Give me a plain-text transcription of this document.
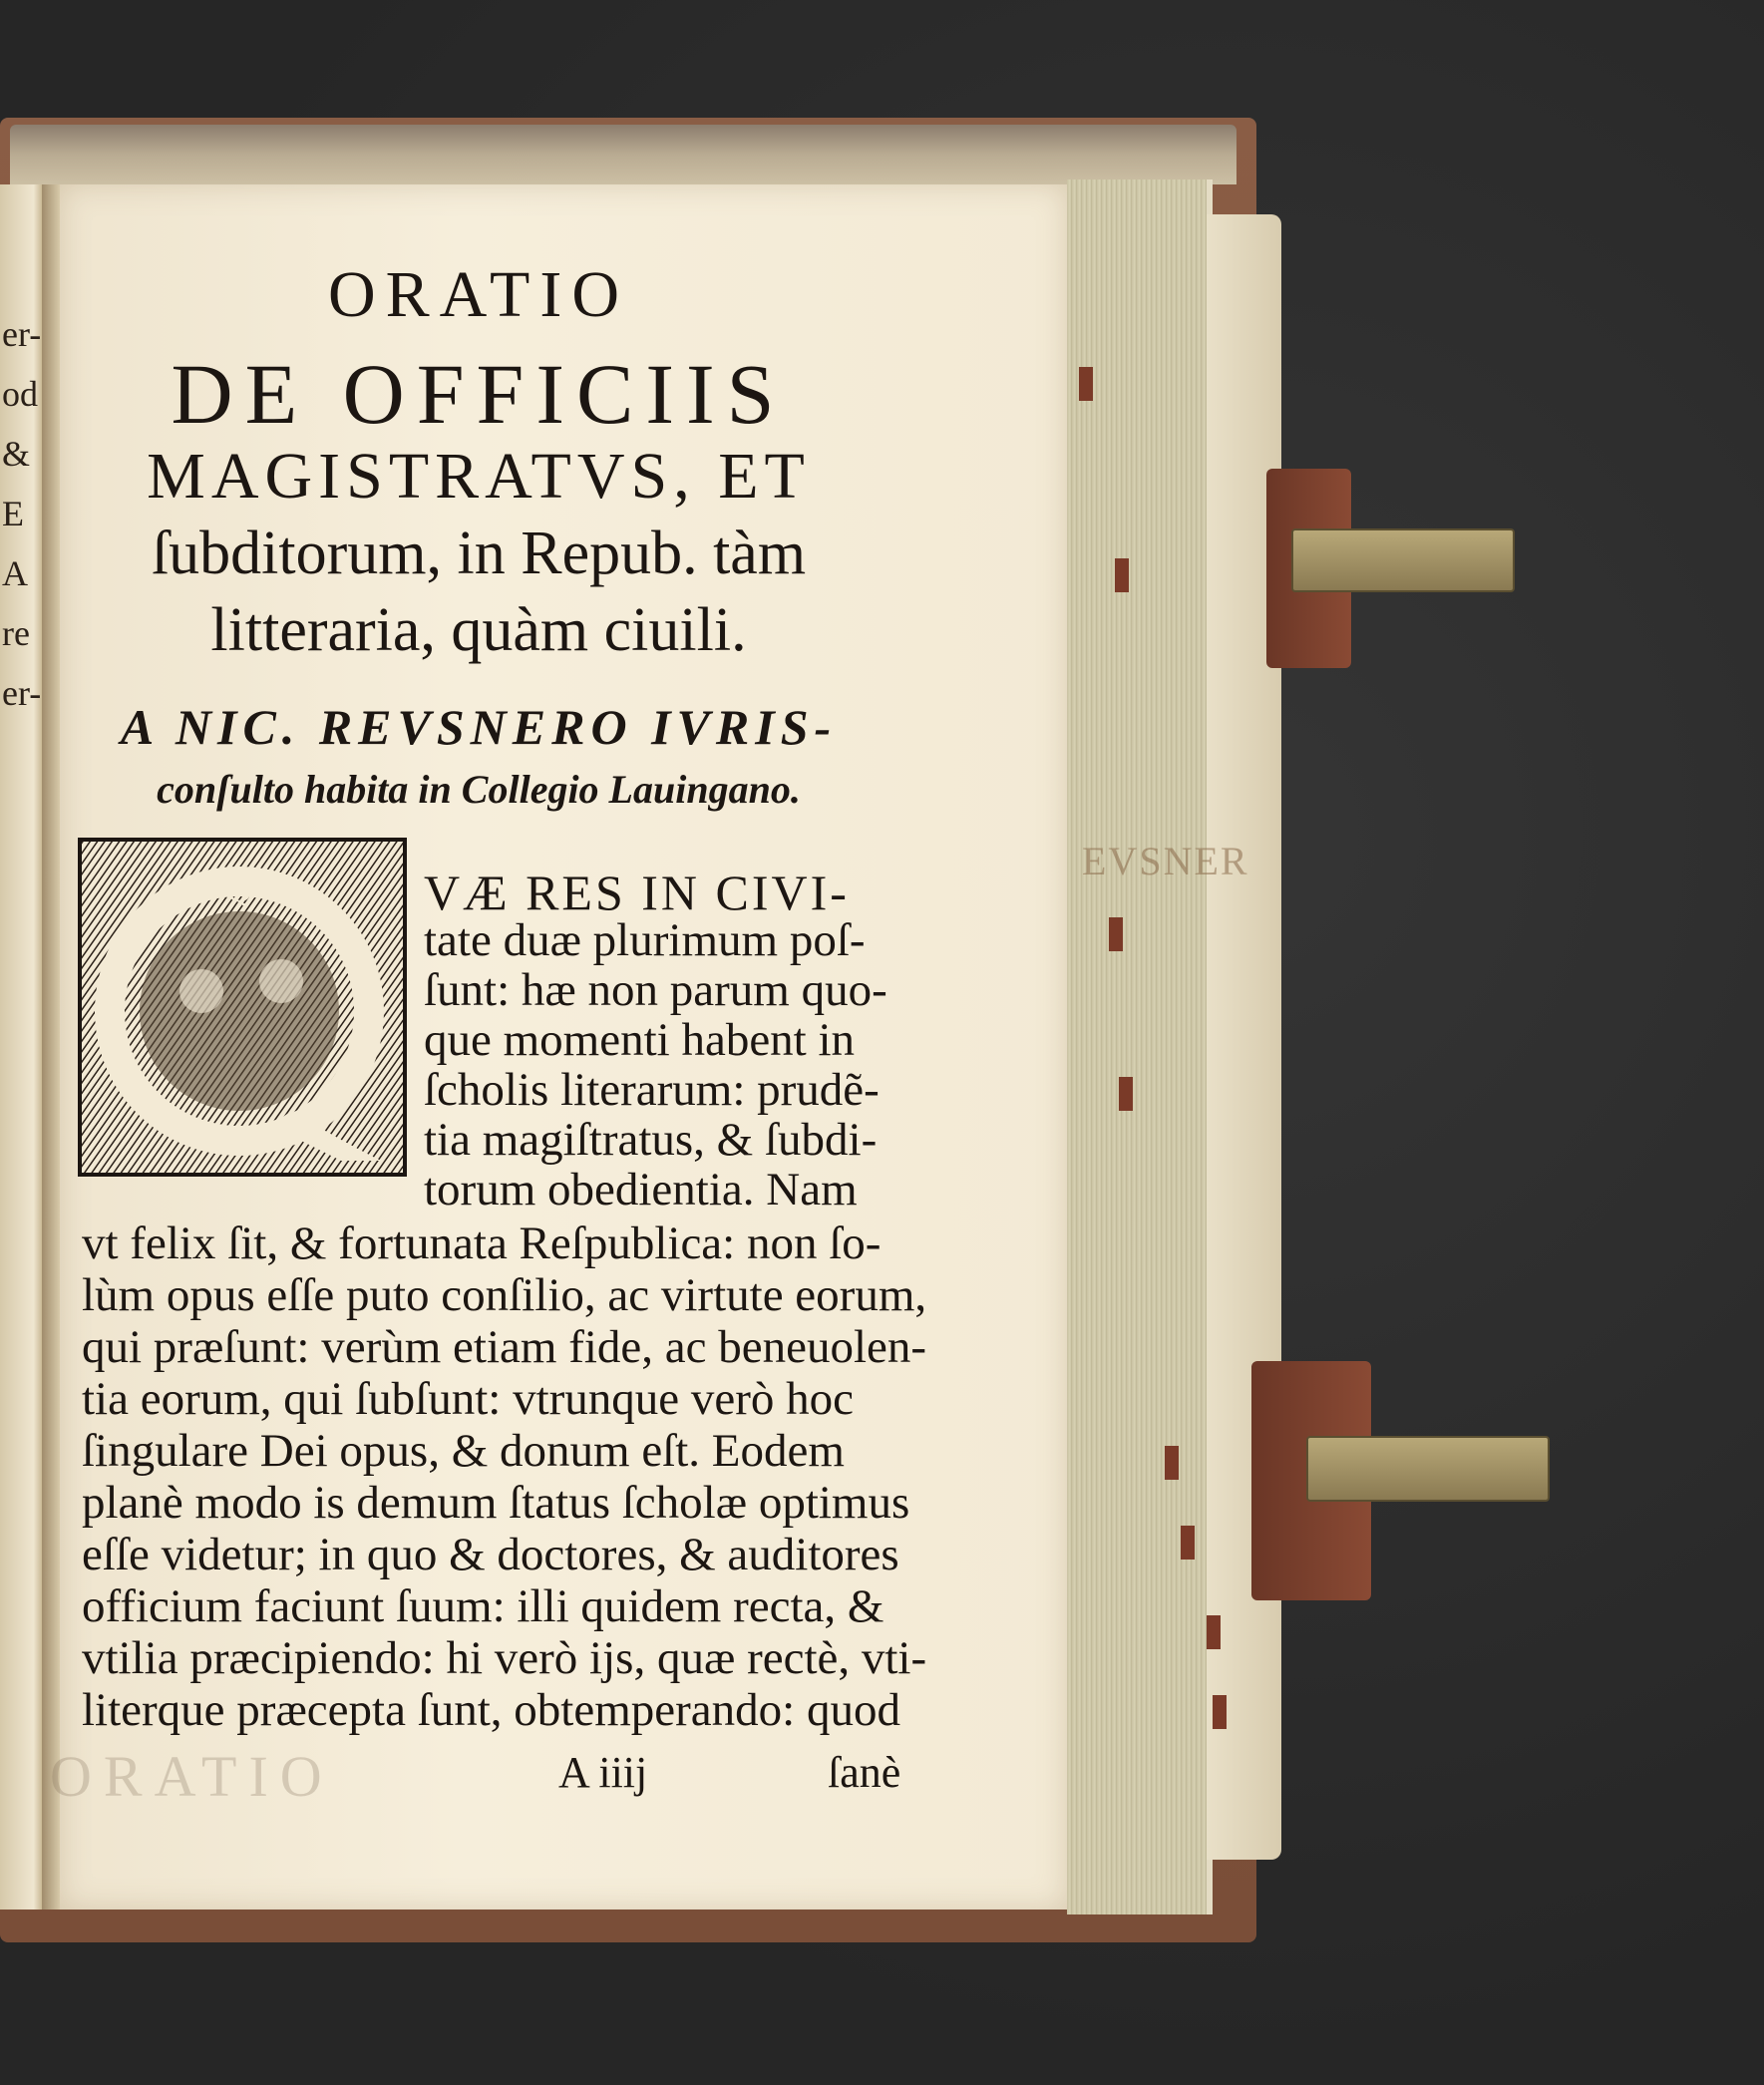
er-
od
&
E
A
re
er-
EVSNER
ORATIO
DE OFFICIIS
MAGISTRATVS, ET
ſubditorum, in Repub. tàm
litteraria, quàm ciuili.
A NIC. REVSNERO IVRIS-
conſulto habita in Collegio Lauingano.
Q	VÆ RES IN CIVI-
tate duæ plurimum poſ-
ſunt: hæ non parum quo-
que momenti habent in
ſcholis literarum: prudẽ-
tia magiſtratus, & ſubdi-
torum obedientia. Nam
vt felix ſit, & fortunata Reſpublica: non ſo-
lùm opus eſſe puto conſilio, ac virtute eorum,
qui præſunt: verùm etiam fide, ac beneuolen-
tia eorum, qui ſubſunt: vtrunque verò hoc
ſingulare Dei opus, & donum eſt. Eodem
planè modo is demum ſtatus ſcholæ optimus
eſſe videtur; in quo & doctores, & auditores
officium faciunt ſuum: illi quidem recta, &
vtilia præcipiendo: hi verò ijs, quæ rectè, vti-
literque præcepta ſunt, obtemperando: quod
ORATIO	A iiij	ſanè
